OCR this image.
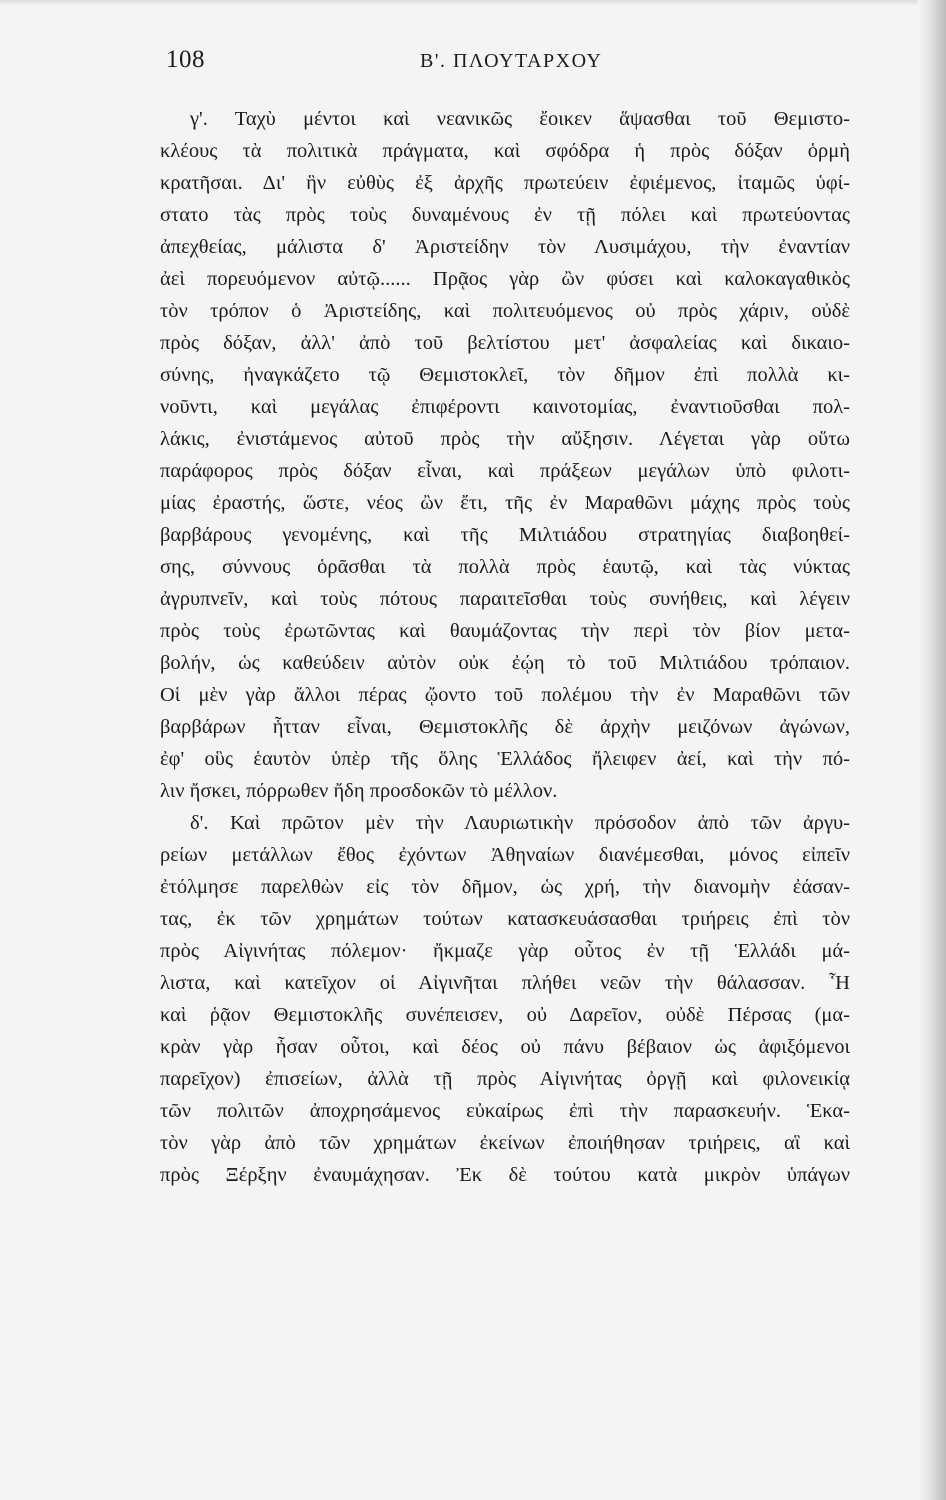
108	Β'. ΠΛΟΥΤΑΡΧΟΥ
γ'. Ταχὺ μέντοι καὶ νεανικῶς ἔοικεν ἅψασθαι τοῦ Θεμιστο-
κλέους τὰ πολιτικὰ πράγματα, καὶ σφόδρα ἡ πρὸς δόξαν ὁρμὴ
κρατῆσαι. Δι' ἣν εὐθὺς ἐξ ἀρχῆς πρωτεύειν ἐφιέμενος, ἰταμῶς ὑφί-
στατο τὰς πρὸς τοὺς δυναμένους ἐν τῇ πόλει καὶ πρωτεύοντας
ἀπεχθείας, μάλιστα δ' Ἀριστείδην τὸν Λυσιμάχου, τὴν ἐναντίαν
ἀεὶ πορευόμενον αὐτῷ...... Πρᾷος γὰρ ὢν φύσει καὶ καλοκαγαθικὸς
τὸν τρόπον ὁ Ἀριστείδης, καὶ πολιτευόμενος οὐ πρὸς χάριν, οὐδὲ
πρὸς δόξαν, ἀλλ' ἀπὸ τοῦ βελτίστου μετ' ἀσφαλείας καὶ δικαιο-
σύνης, ἠναγκάζετο τῷ Θεμιστοκλεῖ, τὸν δῆμον ἐπὶ πολλὰ κι-
νοῦντι, καὶ μεγάλας ἐπιφέροντι καινοτομίας, ἐναντιοῦσθαι πολ-
λάκις, ἐνιστάμενος αὐτοῦ πρὸς τὴν αὔξησιν. Λέγεται γὰρ οὕτω
παράφορος πρὸς δόξαν εἶναι, καὶ πράξεων μεγάλων ὑπὸ φιλοτι-
μίας ἐραστής, ὥστε, νέος ὢν ἔτι, τῆς ἐν Μαραθῶνι μάχης πρὸς τοὺς
βαρβάρους γενομένης, καὶ τῆς Μιλτιάδου στρατηγίας διαβοηθεί-
σης, σύννους ὁρᾶσθαι τὰ πολλὰ πρὸς ἑαυτῷ, καὶ τὰς νύκτας
ἀγρυπνεῖν, καὶ τοὺς πότους παραιτεῖσθαι τοὺς συνήθεις, καὶ λέγειν
πρὸς τοὺς ἐρωτῶντας καὶ θαυμάζοντας τὴν περὶ τὸν βίον μετα-
βολήν, ὡς καθεύδειν αὐτὸν οὐκ ἐῴη τὸ τοῦ Μιλτιάδου τρόπαιον.
Οἱ μὲν γὰρ ἄλλοι πέρας ᾤοντο τοῦ πολέμου τὴν ἐν Μαραθῶνι τῶν
βαρβάρων ἧτταν εἶναι, Θεμιστοκλῆς δὲ ἀρχὴν μειζόνων ἀγώνων,
ἐφ' οὓς ἑαυτὸν ὑπὲρ τῆς ὅλης Ἑλλάδος ἤλειφεν ἀεί, καὶ τὴν πό-
λιν ἤσκει, πόρρωθεν ἤδη προσδοκῶν τὸ μέλλον.
δ'. Καὶ πρῶτον μὲν τὴν Λαυριωτικὴν πρόσοδον ἀπὸ τῶν ἀργυ-
ρείων μετάλλων ἔθος ἐχόντων Ἀθηναίων διανέμεσθαι, μόνος εἰπεῖν
ἐτόλμησε παρελθὼν εἰς τὸν δῆμον, ὡς χρή, τὴν διανομὴν ἐάσαν-
τας, ἐκ τῶν χρημάτων τούτων κατασκευάσασθαι τριήρεις ἐπὶ τὸν
πρὸς Αἰγινήτας πόλεμον· ἤκμαζε γὰρ οὗτος ἐν τῇ Ἑλλάδι μά-
λιστα, καὶ κατεῖχον οἱ Αἰγινῆται πλήθει νεῶν τὴν θάλασσαν. Ἧ
καὶ ῥᾷον Θεμιστοκλῆς συνέπεισεν, οὐ Δαρεῖον, οὐδὲ Πέρσας (μα-
κρὰν γὰρ ἦσαν οὗτοι, καὶ δέος οὐ πάνυ βέβαιον ὡς ἀφιξόμενοι
παρεῖχον) ἐπισείων, ἀλλὰ τῇ πρὸς Αἰγινήτας ὀργῇ καὶ φιλονεικίᾳ
τῶν πολιτῶν ἀποχρησάμενος εὐκαίρως ἐπὶ τὴν παρασκευήν. Ἑκα-
τὸν γὰρ ἀπὸ τῶν χρημάτων ἐκείνων ἐποιήθησαν τριήρεις, αἳ καὶ
πρὸς Ξέρξην ἐναυμάχησαν. Ἐκ δὲ τούτου κατὰ μικρὸν ὑπάγων
